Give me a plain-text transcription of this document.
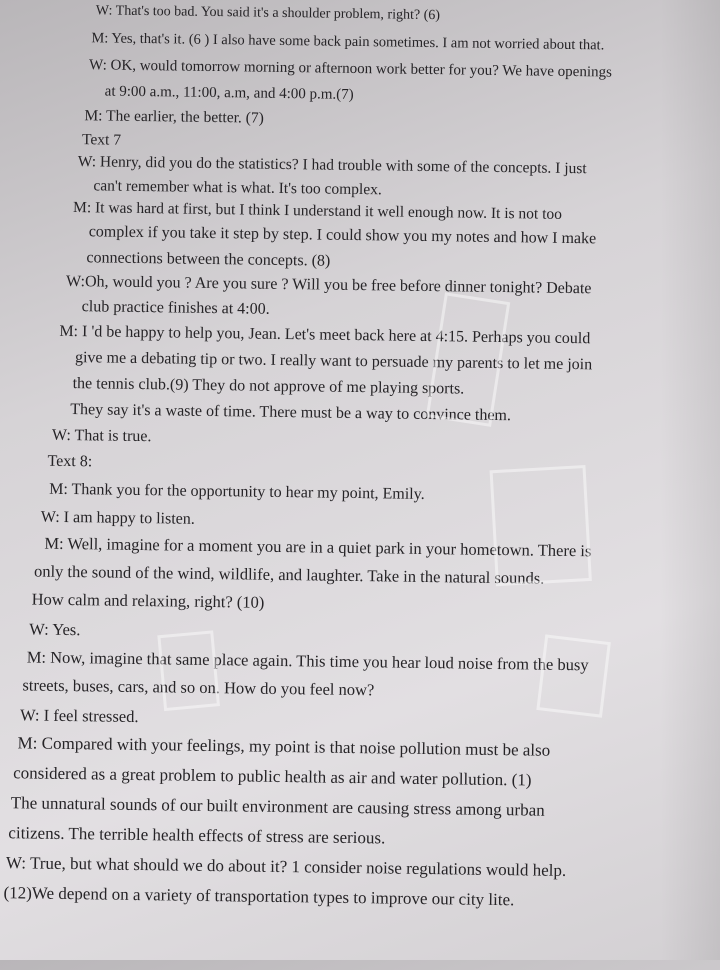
W: That's too bad. You said it's a shoulder problem, right? (6)
M: Yes, that's it. (6 ) I also have some back pain sometimes. I am not worried about that.
W: OK, would tomorrow morning or afternoon work better for you? We have openings
at 9:00 a.m., 11:00, a.m, and 4:00 p.m.(7)
M: The earlier, the better. (7)
Text 7
W: Henry, did you do the statistics? I had trouble with some of the concepts. I just
can't remember what is what. It's too complex.
M: It was hard at first, but I think I understand it well enough now. It is not too
complex if you take it step by step. I could show you my notes and how I make
connections between the concepts. (8)
W:Oh, would you ? Are you sure ? Will you be free before dinner tonight? Debate
club practice finishes at 4:00.
M: I 'd be happy to help you, Jean. Let's meet back here at 4:15. Perhaps you could
give me a debating tip or two. I really want to persuade my parents to let me join
the tennis club.(9) They do not approve of me playing sports.
They say it's a waste of time. There must be a way to convince them.
W: That is true.
Text 8:
M: Thank you for the opportunity to hear my point, Emily.
W: I am happy to listen.
M: Well, imagine for a moment you are in a quiet park in your hometown. There is
only the sound of the wind, wildlife, and laughter. Take in the natural sounds.
How calm and relaxing, right? (10)
W: Yes.
M: Now, imagine that same place again. This time you hear loud noise from the busy
streets, buses, cars, and so on. How do you feel now?
W: I feel stressed.
M: Compared with your feelings, my point is that noise pollution must be also
considered as a great problem to public health as air and water pollution. (1)
The unnatural sounds of our built environment are causing stress among urban
citizens. The terrible health effects of stress are serious.
W: True, but what should we do about it? 1 consider noise regulations would help.
(12)We depend on a variety of transportation types to improve our city lite.
